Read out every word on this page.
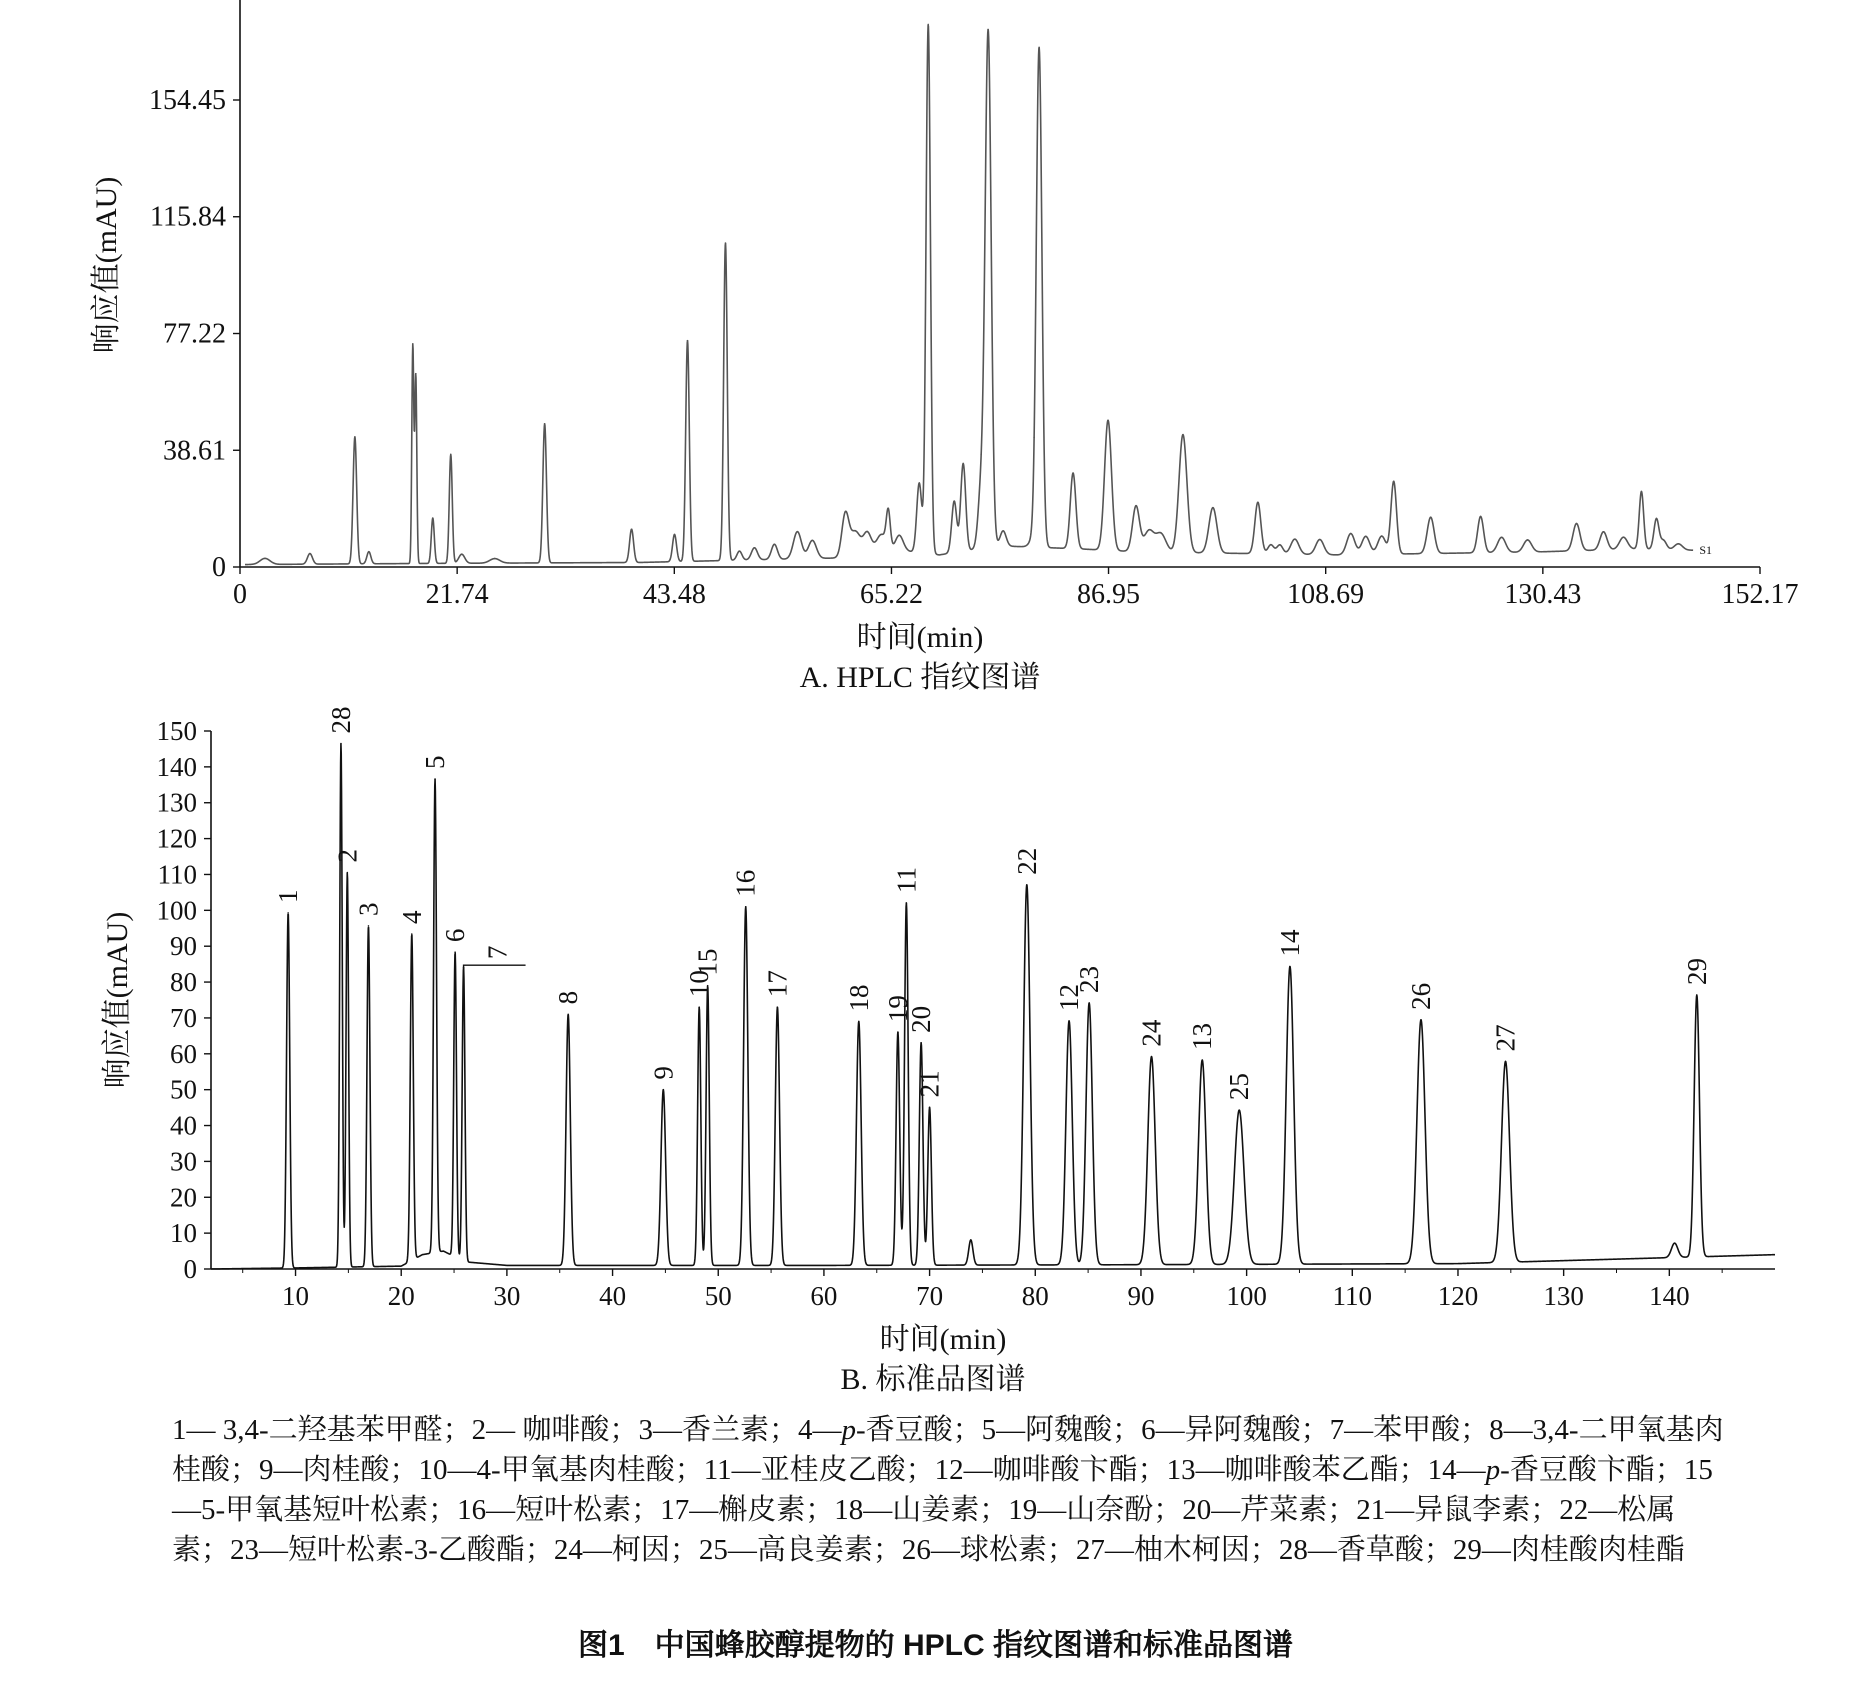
0
38.61
77.22
115.84
154.45
0	21.74	43.48	65.22	86.95	108.69	130.43	152.17
时间(min)
响应值(mAU)
A. HPLC 指纹图谱
S1
0
10
20
30
40
50
60
70
80
90
100
110
120
130
140
150
10	20	30	40	50	60	70	80	90	100 110 120 130 140
时间(min)
响应值(mAU)
B. 标准品图谱
1
28
2
3
4
5
6
7
8
9
10
15
16
17
18 19
11
20
21
22
12
23
24 13
25
14
26
27
29
1— 3,4-二羟基苯甲醛；2— 咖啡酸；3—香兰素；4—p-香豆酸；5—阿魏酸；6—异阿魏酸；7—苯甲酸；8—3,4-二甲氧基肉桂酸；9—肉桂酸；10—4-甲氧基肉桂酸；11—亚桂皮乙酸；12—咖啡酸卞酯；13—咖啡酸苯乙酯；14—p-香豆酸卞酯；15—5-甲氧基短叶松素；16—短叶松素；17—槲皮素；18—山姜素；19—山奈酚；20—芹菜素；21—异鼠李素；22—松属素；23—短叶松素-3-乙酸酯；24—柯因；25—高良姜素；26—球松素；27—柚木柯因；28—香草酸；29—肉桂酸肉桂酯
图1　中国蜂胶醇提物的 HPLC 指纹图谱和标准品图谱
